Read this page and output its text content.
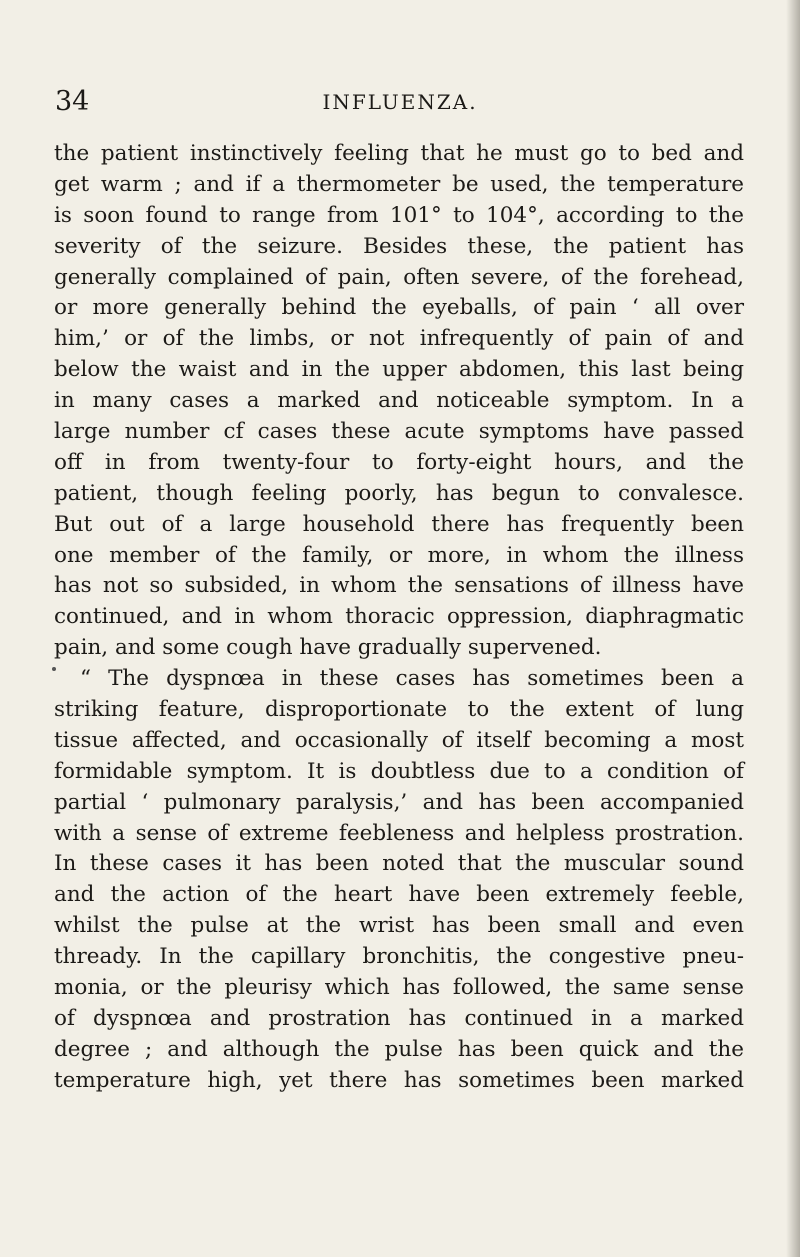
34	INFLUENZA.
the patient instinctively feeling that he must go to bed and
get warm ; and if a thermometer be used, the temperature
is soon found to range from 101° to 104°, according to the
severity of the seizure. Besides these, the patient has
generally complained of pain, often severe, of the forehead,
or more generally behind the eyeballs, of pain ‘ all over
him,’ or of the limbs, or not infrequently of pain of and
below the waist and in the upper abdomen, this last being
in many cases a marked and noticeable symptom. In a
large number cf cases these acute symptoms have passed
off in from twenty-four to forty-eight hours, and the
patient, though feeling poorly, has begun to convalesce.
But out of a large household there has frequently been
one member of the family, or more, in whom the illness
has not so subsided, in whom the sensations of illness have
continued, and in whom thoracic oppression, diaphragmatic
pain, and some cough have gradually supervened.
“ The dyspnœa in these cases has sometimes been a
striking feature, disproportionate to the extent of lung
tissue affected, and occasionally of itself becoming a most
formidable symptom. It is doubtless due to a condition of
partial ‘ pulmonary paralysis,’ and has been accompanied
with a sense of extreme feebleness and helpless prostration.
In these cases it has been noted that the muscular sound
and the action of the heart have been extremely feeble,
whilst the pulse at the wrist has been small and even
thready. In the capillary bronchitis, the congestive pneu-
monia, or the pleurisy which has followed, the same sense
of dyspnœa and prostration has continued in a marked
degree ; and although the pulse has been quick and the
temperature high, yet there has sometimes been marked
